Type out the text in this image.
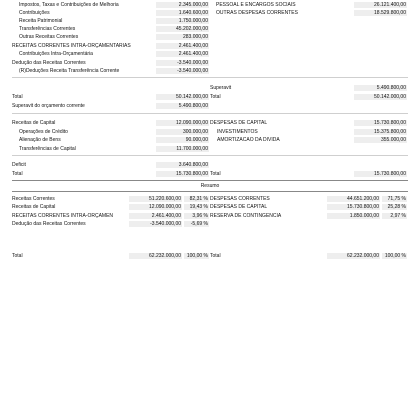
Impostos, Taxas e Contribuições de Melhoria	2.345.000,00
Contribuições	1.640.600,00
Receita Patrimonial	1.750.000,00
Transferências Correntes	45.202.000,00
Outras Receitas Correntes	283.000,00
RECEITAS CORRENTES INTRA-ORÇAMENTARIAS	2.461.400,00
Contribuições Intra-Orçamentária	2.461.400,00
Dedução das Receitas Correntes	-3.540.000,00
(R)Deduções Receita Transferência Corrente	-3.540.000,00
PESSOAL E ENCARGOS SOCIAIS	26.121.400,00
OUTRAS DESPESAS CORRENTES	18.529.800,00
Superavit	5.490.800,00
Total	50.142.000,00 Total	50.142.000,00
Superavit do orçamento corrente	5.490.800,00
Receitas de Capital	12.090.000,00
Operações de Crédito	300.000,00
Alienação de Bens	90.000,00
Transferências de Capital	11.700.000,00
DESPESAS DE CAPITAL	15.730.800,00
INVESTIMENTOS	15.375.800,00
AMORTIZACAO DA DIVIDA	355.000,00
Deficit	3.640.800,00
Total	15.730.800,00 Total	15.730.800,00
Resumo
Receitas Correntes	51.220.600,00	82,31 %
Receitas de Capital	12.090.000,00	19,43 %
RECEITAS CORRENTES INTRA-ORÇAMEN	2.461.400,00	3,96 %
Dedução das Receitas Correntes	-3.540.000,00	-5,69 %
DESPESAS CORRENTES	44.651.200,00	71,75 %
DESPESAS DE CAPITAL	15.730.800,00	25,28 %
RESERVA DE CONTINGENCIA	1.850.000,00	2,97 %
Total	62.232.000,00	100,00 % Total	62.232.000,00	100,00 %
